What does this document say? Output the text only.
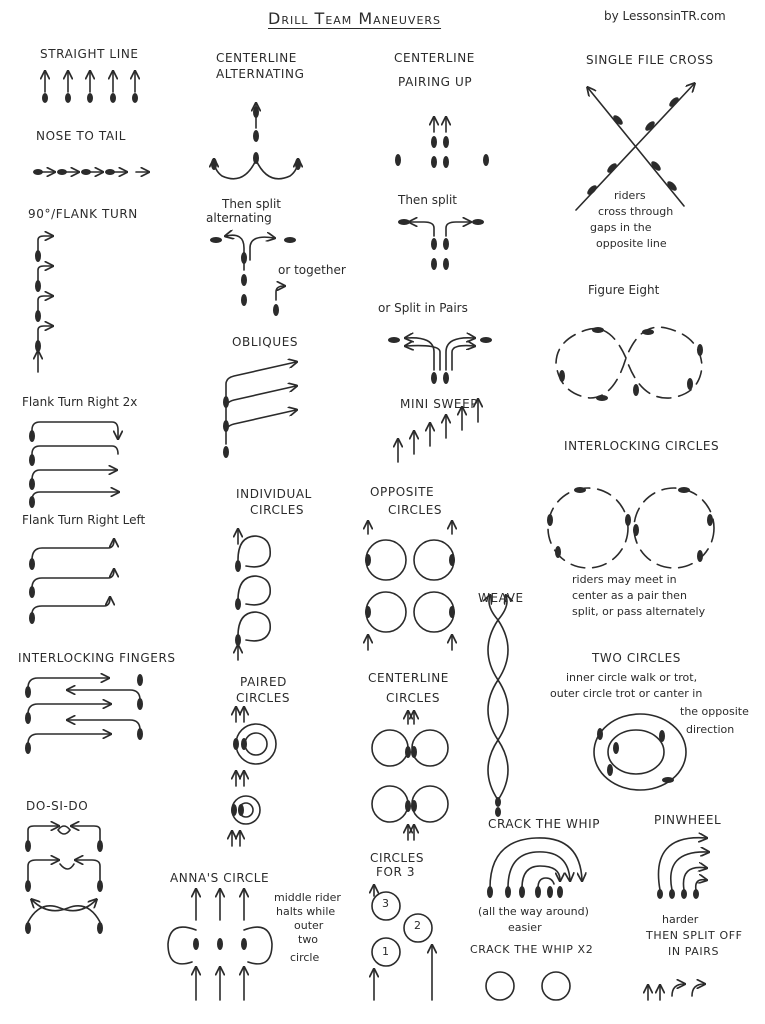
Drill Team Maneuvers	by LessonsinTR.com
STRAIGHT LINE
NOSE TO TAIL
90°/FLANK TURN
Flank Turn Right 2x
Flank Turn Right Left
INTERLOCKING FINGERS
DO-SI-DO
CENTERLINE
ALTERNATING
Then split
alternating
or together
OBLIQUES
INDIVIDUAL
CIRCLES
PAIRED
CIRCLES
ANNA'S CIRCLE
middle rider
halts while
outer
two
circle
CENTERLINE
PAIRING UP
Then split
or Split in Pairs
MINI SWEEP
OPPOSITE
CIRCLES
CENTERLINE
CIRCLES
CIRCLES
FOR 3
3
2
1
SINGLE FILE CROSS
riders
cross through
gaps in the
opposite line
Figure Eight
INTERLOCKING CIRCLES
riders may meet in
center as a pair then
split, or pass alternately
WEAVE
TWO CIRCLES
inner circle walk or trot,
outer circle trot or canter in
the opposite
direction
CRACK THE WHIP
(all the way around)
easier
CRACK THE WHIP X2
PINWHEEL
harder
THEN SPLIT OFF
IN PAIRS
